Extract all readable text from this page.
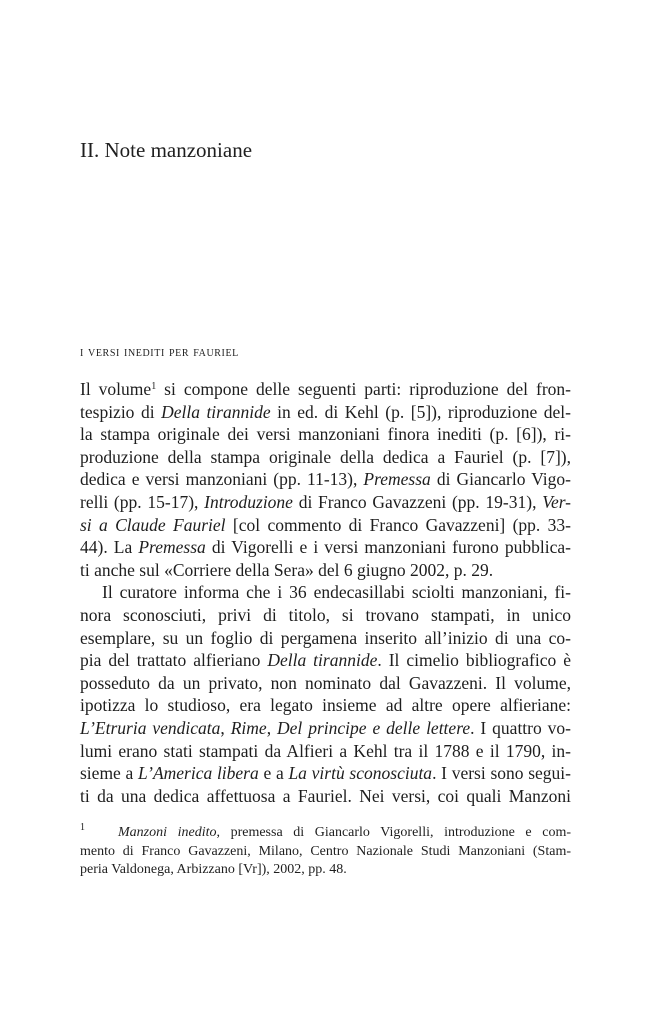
II. Note manzoniane
i versi inediti per fauriel
Il volume$^1$ si compone delle seguenti parti: riproduzione del fron-
tespizio di Della tirannide in ed. di Kehl (p. [5]), riproduzione del-
la stampa originale dei versi manzoniani finora inediti (p. [6]), ri-
produzione della stampa originale della dedica a Fauriel (p. [7]),
dedica e versi manzoniani (pp. 11-13), Premessa di Giancarlo Vigo-
relli (pp. 15-17), Introduzione di Franco Gavazzeni (pp. 19-31), Ver-
si a Claude Fauriel [col commento di Franco Gavazzeni] (pp. 33-
44). La Premessa di Vigorelli e i versi manzoniani furono pubblica-
ti anche sul «Corriere della Sera» del 6 giugno 2002, p. 29.
Il curatore informa che i 36 endecasillabi sciolti manzoniani, fi-
nora sconosciuti, privi di titolo, si trovano stampati, in unico
esemplare, su un foglio di pergamena inserito all’inizio di una co-
pia del trattato alfieriano Della tirannide. Il cimelio bibliografico è
posseduto da un privato, non nominato dal Gavazzeni. Il volume,
ipotizza lo studioso, era legato insieme ad altre opere alfieriane:
L’Etruria vendicata, Rime, Del principe e delle lettere. I quattro vo-
lumi erano stati stampati da Alfieri a Kehl tra il 1788 e il 1790, in-
sieme a L’America libera e a La virtù sconosciuta. I versi sono segui-
ti da una dedica affettuosa a Fauriel. Nei versi, coi quali Manzoni
$^1$ Manzoni inedito, premessa di Giancarlo Vigorelli, introduzione e com-
mento di Franco Gavazzeni, Milano, Centro Nazionale Studi Manzoniani (Stam-
peria Valdonega, Arbizzano [Vr]), 2002, pp. 48.
